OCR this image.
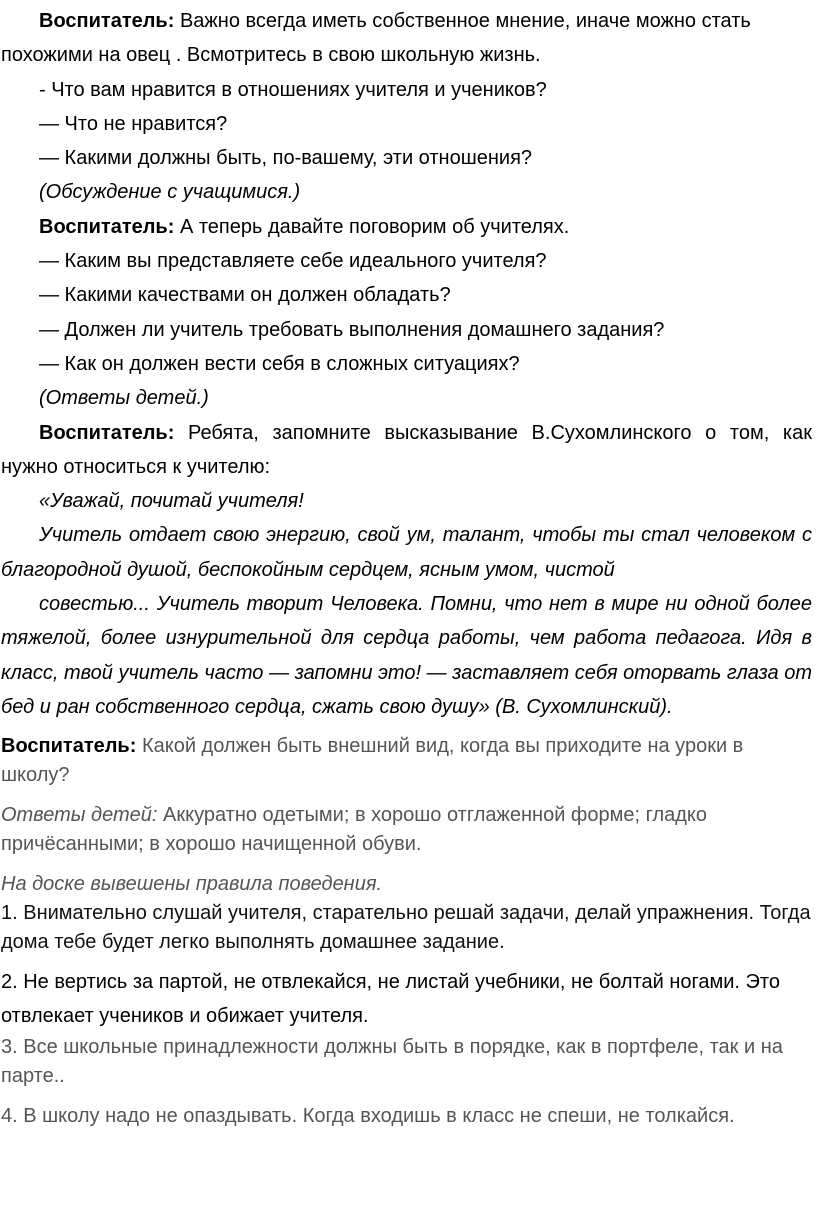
Воспитатель: Важно всегда иметь собственное мнение, иначе можно стать похожими на овец . Всмотритесь в свою школьную жизнь.

- Что вам нравится в отношениях учителя и учеников?

— Что не нравится?

— Какими должны быть, по-вашему, эти отношения?

(Обсуждение с учащимися.)

Воспитатель: А теперь давайте поговорим об учителях.

— Каким вы представляете себе идеального учителя?

— Какими качествами он должен обладать?

— Должен ли учитель требовать выполнения домашнего задания?

— Как он должен вести себя в сложных ситуациях?

(Ответы детей.)

Воспитатель: Ребята, запомните высказывание В.Сухомлинского о том, как нужно относиться к учителю:

«Уважай, почитай учителя!

Учитель отдает свою энергию, свой ум, талант, чтобы ты стал человеком с благородной душой, беспокойным сердцем, ясным умом, чистой

совестью... Учитель творит Человека. Помни, что нет в мире ни одной более тяжелой, более изнурительной для сердца работы, чем работа педагога. Идя в класс, твой учитель часто — запомни это! — заставляет себя оторвать глаза от бед и ран собственного сердца, сжать свою душу» (В. Сухомлинский).

Воспитатель: Какой должен быть внешний вид, когда вы приходите на уроки в школу?

Ответы детей: Аккуратно одетыми; в хорошо отглаженной форме; гладко причёсанными; в хорошо начищенной обуви.

На доске вывешены правила поведения.

1. Внимательно слушай учителя, старательно решай задачи, делай упражнения. Тогда дома тебе будет легко выполнять домашнее задание.

2. Не вертись за партой, не отвлекайся, не листай учебники, не болтай ногами. Это отвлекает учеников и обижает учителя.

3. Все школьные принадлежности должны быть в порядке, как в портфеле, так и на парте..

4. В школу надо не опаздывать. Когда входишь в класс не спеши, не толкайся.
